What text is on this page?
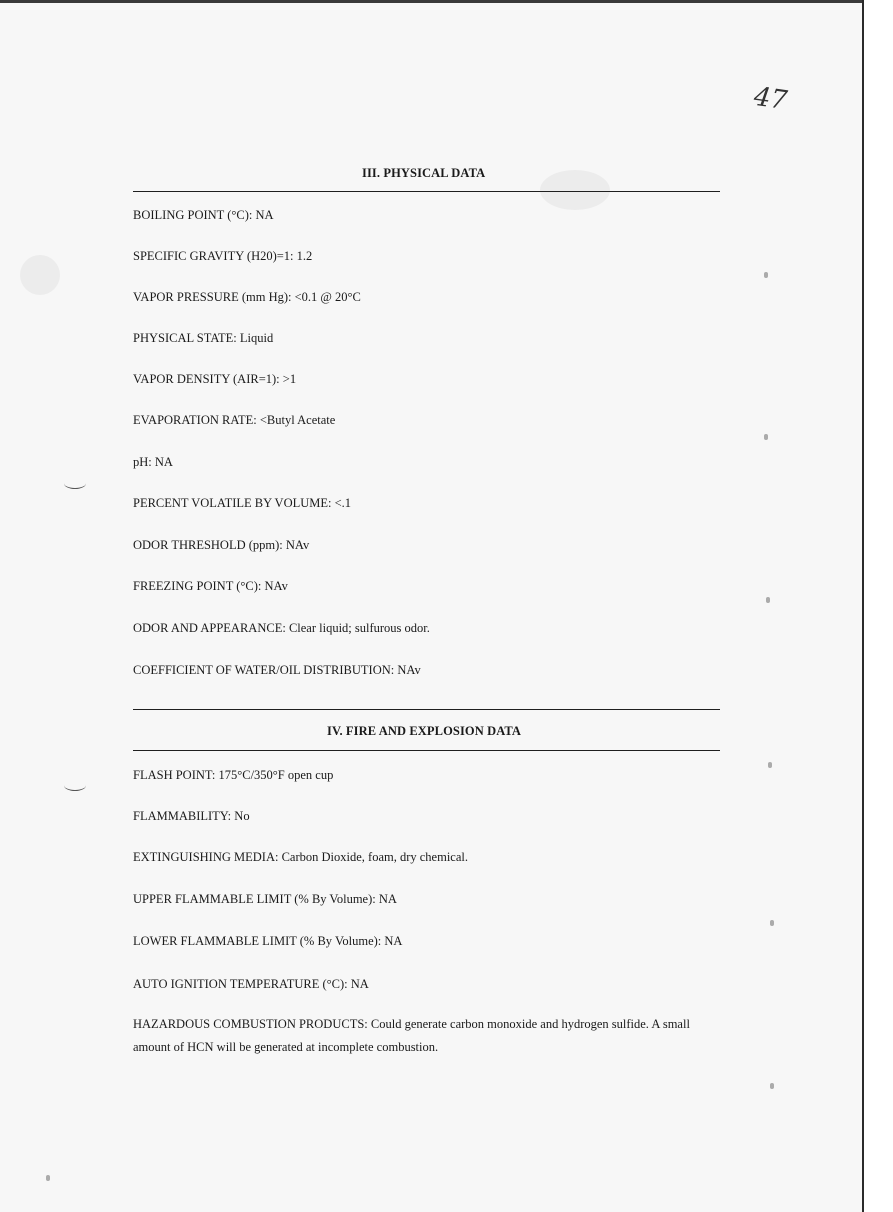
47
III. PHYSICAL DATA
BOILING POINT (°C): NA
SPECIFIC GRAVITY (H20)=1: 1.2
VAPOR PRESSURE (mm Hg): <0.1 @ 20°C
PHYSICAL STATE: Liquid
VAPOR DENSITY (AIR=1): >1
EVAPORATION RATE: <Butyl Acetate
pH: NA
PERCENT VOLATILE BY VOLUME: <.1
ODOR THRESHOLD (ppm): NAv
FREEZING POINT (°C): NAv
ODOR AND APPEARANCE: Clear liquid; sulfurous odor.
COEFFICIENT OF WATER/OIL DISTRIBUTION: NAv
IV. FIRE AND EXPLOSION DATA
FLASH POINT: 175°C/350°F open cup
FLAMMABILITY: No
EXTINGUISHING MEDIA: Carbon Dioxide, foam, dry chemical.
UPPER FLAMMABLE LIMIT (% By Volume): NA
LOWER FLAMMABLE LIMIT (% By Volume): NA
AUTO IGNITION TEMPERATURE (°C): NA
HAZARDOUS COMBUSTION PRODUCTS: Could generate carbon monoxide and hydrogen sulfide. A small amount of HCN will be generated at incomplete combustion.
